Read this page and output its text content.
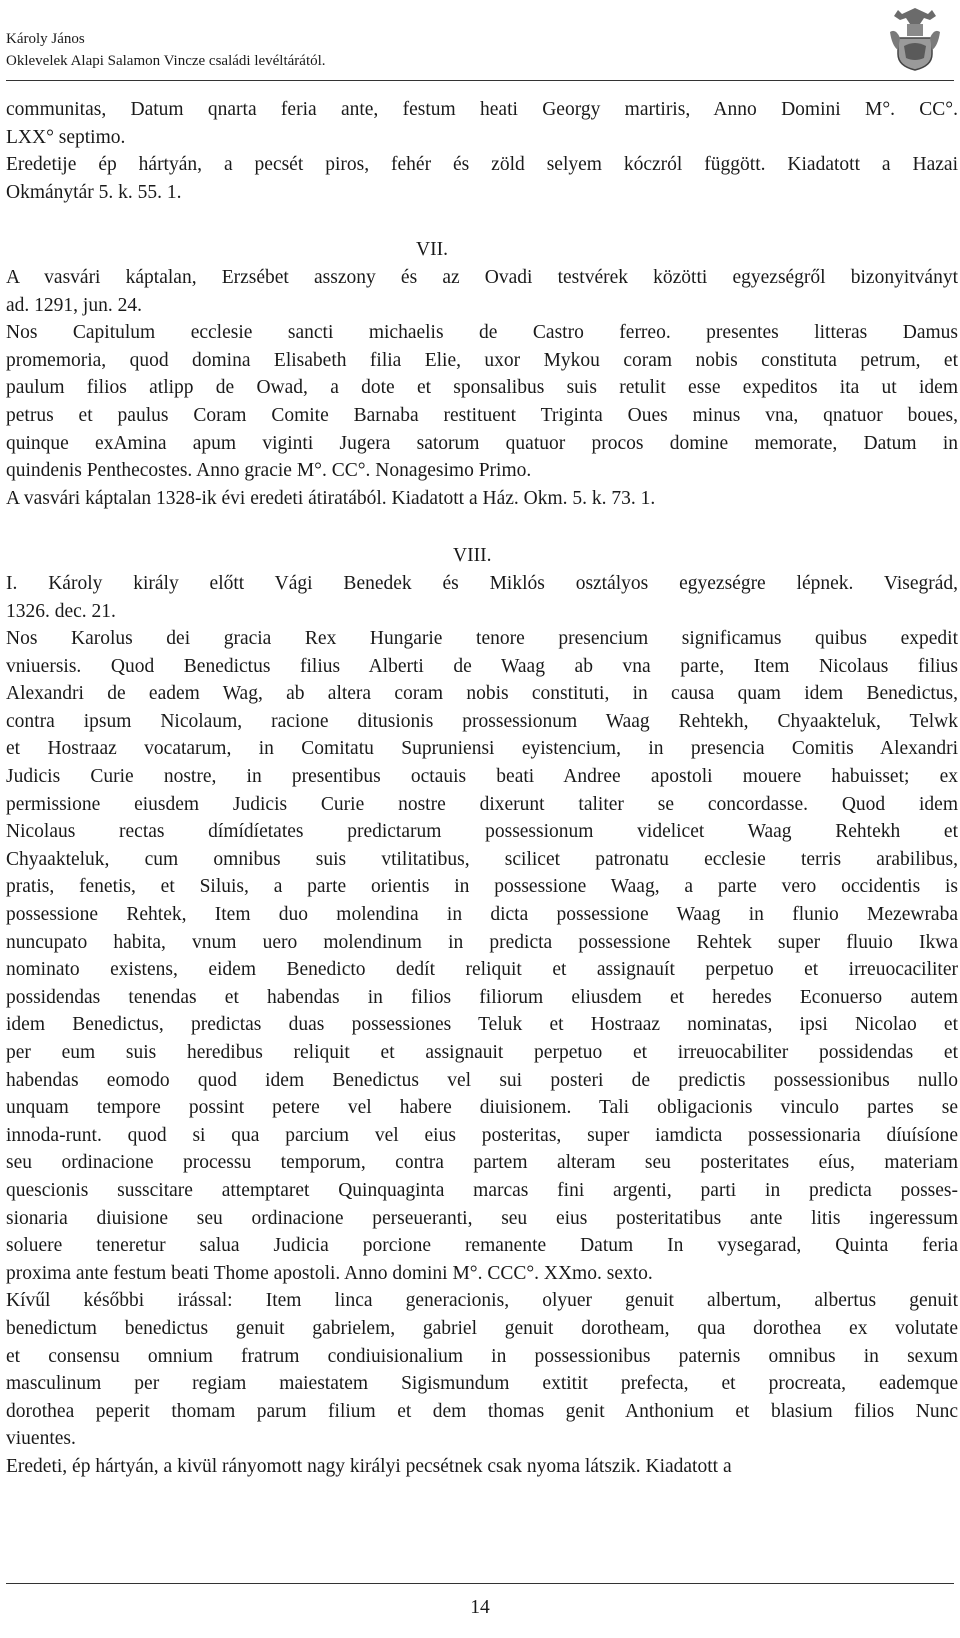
Károly János
Oklevelek Alapi Salamon Vincze családi levéltárától.
communitas, Datum qnarta feria ante, festum heati Georgy martiris, Anno Domini M°. CC°.
LXX° septimo.
Eredetije ép hártyán, a pecsét piros, fehér és zöld selyem kóczról függött. Kiadatott a Hazai
Okmánytár 5. k. 55. 1.
VII.
A vasvári káptalan, Erzsébet asszony és az Ovadi testvérek közötti egyezségről bizonyitványt
ad. 1291, jun. 24.
Nos Capitulum ecclesie sancti michaelis de Castro ferreo. presentes litteras Damus
promemoria, quod domina Elisabeth filia Elie, uxor Mykou coram nobis constituta petrum, et
paulum filios atlipp de Owad, a dote et sponsalibus suis retulit esse expeditos ita ut idem
petrus et paulus Coram Comite Barnaba restituent Triginta Oues minus vna, qnatuor boues,
quinque exAmina apum viginti Jugera satorum quatuor procos domine memorate, Datum in
quindenis Penthecostes. Anno gracie M°. CC°. Nonagesimo Primo.
A vasvári káptalan 1328-ik évi eredeti átiratából. Kiadatott a Ház. Okm. 5. k. 73. 1.
VIII.
I. Károly király előtt Vági Benedek és Miklós osztályos egyezségre lépnek. Visegrád,
1326. dec. 21.
Nos Karolus dei gracia Rex Hungarie tenore presencium significamus quibus expedit
vniuersis. Quod Benedictus filius Alberti de Waag ab vna parte, Item Nicolaus filius
Alexandri de eadem Wag, ab altera coram nobis constituti, in causa quam idem Benedictus,
contra ipsum Nicolaum, racione ditusionis prossessionum Waag Rehtekh, Chyaakteluk, Telwk
et Hostraaz vocatarum, in Comitatu Supruniensi eyistencium, in presencia Comitis Alexandri
Judicis Curie nostre, in presentibus octauis beati Andree apostoli mouere habuisset; ex
permissione eiusdem Judicis Curie nostre dixerunt taliter se concordasse. Quod idem
Nicolaus rectas dímídíetates predictarum possessionum videlicet Waag Rehtekh et
Chyaakteluk, cum omnibus suis vtilitatibus, scilicet patronatu ecclesie terris arabilibus,
pratis, fenetis, et Siluis, a parte orientis in possessione Waag, a parte vero occidentis is
possessione Rehtek, Item duo molendina in dicta possessione Waag in flunio Mezewraba
nuncupato habita, vnum uero molendinum in predicta possessione Rehtek super fluuio Ikwa
nominato existens, eidem Benedicto dedít reliquit et assignauít perpetuo et irreuocaciliter
possidendas tenendas et habendas in filios filiorum eliusdem et heredes Econuerso autem
idem Benedictus, predictas duas possessiones Teluk et Hostraaz nominatas, ipsi Nicolao et
per eum suis heredibus reliquit et assignauit perpetuo et irreuocabiliter possidendas et
habendas eomodo quod idem Benedictus vel sui posteri de predictis possessionibus nullo
unquam tempore possint petere vel habere diuisionem. Tali obligacionis vinculo partes se
innoda-runt. quod si qua parcium vel eius posteritas, super iamdicta possessionaria díuísíone
seu ordinacione processu temporum, contra partem alteram seu posteritates eíus, materiam
quescionis susscitare attemptaret Quinquaginta marcas fini argenti, parti in predicta posses-
sionaria diuisione seu ordinacione perseueranti, seu eius posteritatibus ante litis ingeressum
soluere teneretur salua Judicia porcione remanente Datum In vysegarad, Quinta feria
proxima ante festum beati Thome apostoli. Anno domini M°. CCC°. XXmo. sexto.
Kívűl későbbi irással: Item linca generacionis, olyuer genuit albertum, albertus genuit
benedictum benedictus genuit gabrielem, gabriel genuit dorotheam, qua dorothea ex volutate
et consensu omnium fratrum condiuisionalium in possessionibus paternis omnibus in sexum
masculinum per regiam maiestatem Sigismundum extitit prefecta, et procreata, eademque
dorothea peperit thomam parum filium et dem thomas genit Anthonium et blasium filios Nunc
viuentes.
Eredeti, ép hártyán, a kivül rányomott nagy királyi pecsétnek csak nyoma látszik. Kiadatott a
14
